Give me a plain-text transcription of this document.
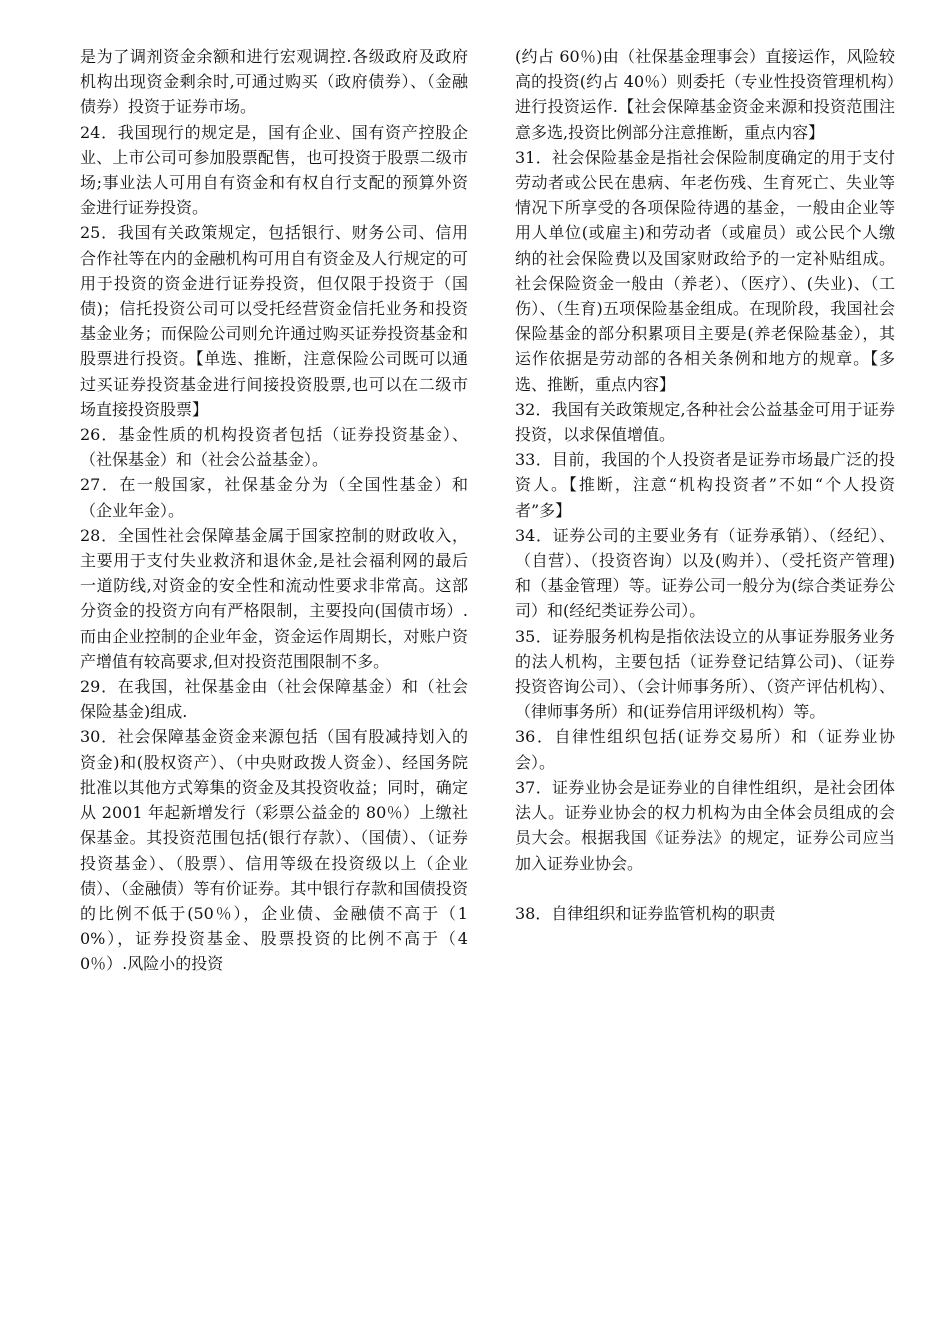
是为了调剂资金余额和进行宏观调控.各级政府及政府机构出现资金剩余时,可通过购买（政府债券）、（金融债券）投资于证券市场。

24．我国现行的规定是，国有企业、国有资产控股企业、上市公司可参加股票配售，也可投资于股票二级市场;事业法人可用自有资金和有权自行支配的预算外资金进行证券投资。

25．我国有关政策规定，包括银行、财务公司、信用合作社等在内的金融机构可用自有资金及人行规定的可用于投资的资金进行证券投资，但仅限于投资于（国债)；信托投资公司可以受托经营资金信托业务和投资基金业务；而保险公司则允许通过购买证券投资基金和股票进行投资。【单选、推断，注意保险公司既可以通过买证券投资基金进行间接投资股票,也可以在二级市场直接投资股票】

26．基金性质的机构投资者包括（证券投资基金）、（社保基金）和（社会公益基金）。

27．在一般国家，社保基金分为（全国性基金）和（企业年金）。

28．全国性社会保障基金属于国家控制的财政收入，主要用于支付失业救济和退休金,是社会福利网的最后一道防线,对资金的安全性和流动性要求非常高。这部分资金的投资方向有严格限制，主要投向(国债市场）.而由企业控制的企业年金，资金运作周期长，对账户资产增值有较高要求,但对投资范围限制不多。

29．在我国，社保基金由（社会保障基金）和（社会保险基金)组成.

30．社会保障基金资金来源包括（国有股减持划入的资金)和(股权资产）、（中央财政拨人资金）、经国务院批准以其他方式筹集的资金及其投资收益；同时，确定从 2001 年起新增发行（彩票公益金的 80％）上缴社保基金。其投资范围包括(银行存款）、（国债）、（证券投资基金）、（股票）、信用等级在投资级以上（企业债）、（金融债）等有价证券。其中银行存款和国债投资的比例不低于(50％），企业债、金融债不高于（10%），证券投资基金、股票投资的比例不高于（40％）.风险小的投资

(约占 60％)由（社保基金理事会）直接运作，风险较高的投资(约占 40％）则委托（专业性投资管理机构）进行投资运作.【社会保障基金资金来源和投资范围注意多选,投资比例部分注意推断，重点内容】

31．社会保险基金是指社会保险制度确定的用于支付劳动者或公民在患病、年老伤残、生育死亡、失业等情况下所享受的各项保险待遇的基金，一般由企业等用人单位(或雇主)和劳动者（或雇员）或公民个人缴纳的社会保险费以及国家财政给予的一定补贴组成。社会保险资金一般由（养老）、（医疗）、(失业)、（工伤）、（生育)五项保险基金组成。在现阶段，我国社会保险基金的部分积累项目主要是(养老保险基金），其运作依据是劳动部的各相关条例和地方的规章。【多选、推断，重点内容】

32．我国有关政策规定,各种社会公益基金可用于证券投资，以求保值增值。

33．目前，我国的个人投资者是证券市场最广泛的投资人。【推断，注意“机构投资者”不如“个人投资者”多】

34．证券公司的主要业务有（证券承销）、（经纪）、（自营）、（投资咨询）以及(购并）、（受托资产管理)和（基金管理）等。证券公司一般分为(综合类证券公司）和(经纪类证券公司）。

35．证券服务机构是指依法设立的从事证券服务业务的法人机构，主要包括（证券登记结算公司)、（证券投资咨询公司）、（会计师事务所）、（资产评估机构）、（律师事务所）和(证券信用评级机构）等。

36．自律性组织包括(证券交易所）和（证券业协会）。

37．证券业协会是证券业的自律性组织，是社会团体法人。证券业协会的权力机构为由全体会员组成的会员大会。根据我国《证券法》的规定，证券公司应当加入证券业协会。

38．自律组织和证券监管机构的职责
